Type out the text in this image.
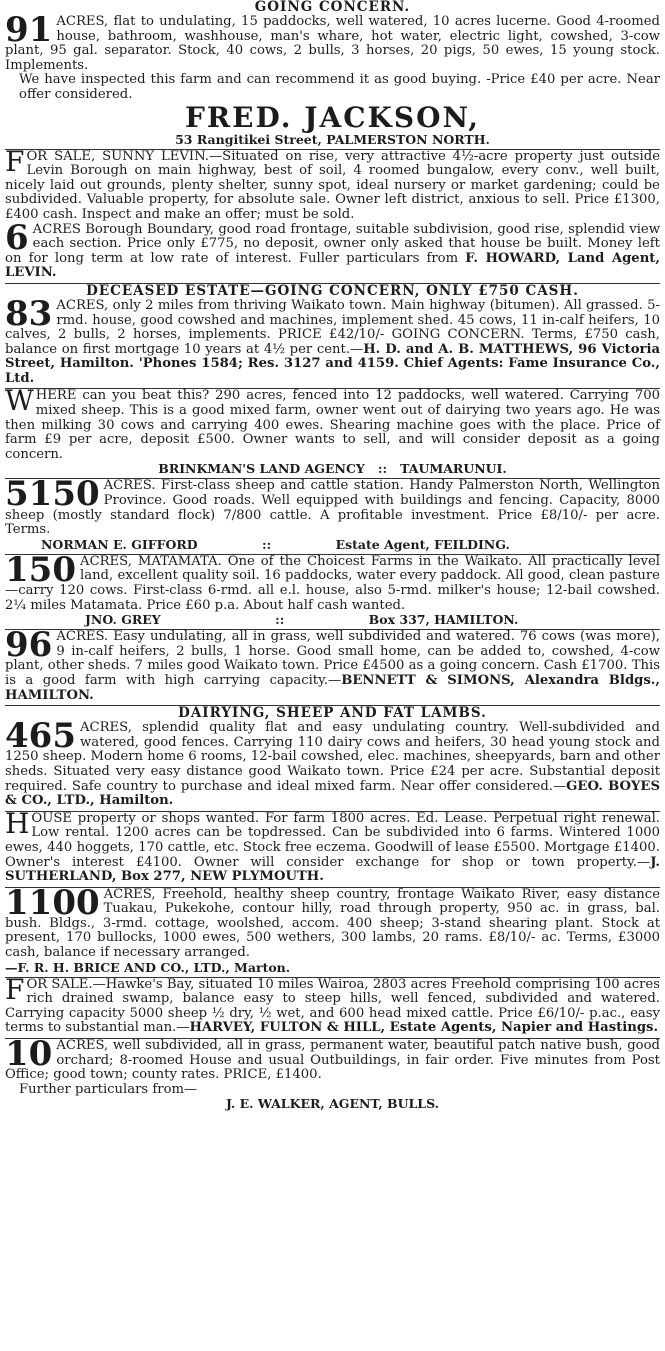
GOING CONCERN.

91 ACRES, flat to undulating, 15 paddocks, well watered, 10 acres lucerne. Good 4-roomed house, bathroom, washhouse, man's whare, hot water, electric light, cowshed, 3-cow plant, 95 gal. separator. Stock, 40 cows, 2 bulls, 3 horses, 20 pigs, 50 ewes, 15 young stock. Implements.

We have inspected this farm and can recommend it as good buying. -Price £40 per acre. Near offer considered.

FRED. JACKSON,

53 Rangitikei Street, PALMERSTON NORTH.

FOR SALE, SUNNY LEVIN.—Situated on rise, very attractive 4½-acre property just outside Levin Borough on main highway, best of soil, 4 roomed bungalow, every conv., well built, nicely laid out grounds, plenty shelter, sunny spot, ideal nursery or market gardening; could be subdivided. Valuable property, for absolute sale. Owner left district, anxious to sell. Price £1300, £400 cash. Inspect and make an offer; must be sold.

6 ACRES Borough Boundary, good road frontage, suitable subdivision, good rise, splendid view each section. Price only £775, no deposit, owner only asked that house be built. Money left on for long term at low rate of interest. Fuller particulars from F. HOWARD, Land Agent, LEVIN.

DECEASED ESTATE—GOING CONCERN, ONLY £750 CASH.

83 ACRES, only 2 miles from thriving Waikato town. Main highway (bitumen). All grassed. 5-rmd. house, good cowshed and machines, implement shed. 45 cows, 11 in-calf heifers, 10 calves, 2 bulls, 2 horses, implements. PRICE £42/10/- GOING CONCERN. Terms, £750 cash, balance on first mortgage 10 years at 4½ per cent.—H. D. and A. B. MATTHEWS, 96 Victoria Street, Hamilton. 'Phones 1584; Res. 3127 and 4159. Chief Agents: Fame Insurance Co., Ltd.

WHERE can you beat this? 290 acres, fenced into 12 paddocks, well watered. Carrying 700 mixed sheep. This is a good mixed farm, owner went out of dairying two years ago. He was then milking 30 cows and carrying 400 ewes. Shearing machine goes with the place. Price of farm £9 per acre, deposit £500. Owner wants to sell, and will consider deposit as a going concern.

BRINKMAN'S LAND AGENCY :: TAUMARUNUI.

5150 ACRES. First-class sheep and cattle station. Handy Palmerston North, Wellington Province. Good roads. Well equipped with buildings and fencing. Capacity, 8000 sheep (mostly standard flock) 7/800 cattle. A profitable investment. Price £8/10/- per acre. Terms.

NORMAN E. GIFFORD	::	Estate Agent, FEILDING.

150 ACRES, MATAMATA. One of the Choicest Farms in the Waikato. All practically level land, excellent quality soil. 16 paddocks, water every paddock. All good, clean pasture—carry 120 cows. First-class 6-rmd. all e.l. house, also 5-rmd. milker's house; 12-bail cowshed. 2¼ miles Matamata. Price £60 p.a. About half cash wanted.

JNO. GREY	::	Box 337, HAMILTON.

96 ACRES. Easy undulating, all in grass, well subdivided and watered. 76 cows (was more), 9 in-calf heifers, 2 bulls, 1 horse. Good small home, can be added to, cowshed, 4-cow plant, other sheds. 7 miles good Waikato town. Price £4500 as a going concern. Cash £1700. This is a good farm with high carrying capacity.—BENNETT & SIMONS, Alexandra Bldgs., HAMILTON.

DAIRYING, SHEEP AND FAT LAMBS.

465 ACRES, splendid quality flat and easy undulating country. Well-subdivided and watered, good fences. Carrying 110 dairy cows and heifers, 30 head young stock and 1250 sheep. Modern home 6 rooms, 12-bail cowshed, elec. machines, sheepyards, barn and other sheds. Situated very easy distance good Waikato town. Price £24 per acre. Substantial deposit required. Safe country to purchase and ideal mixed farm. Near offer considered.—GEO. BOYES & CO., LTD., Hamilton.

HOUSE property or shops wanted. For farm 1800 acres. Ed. Lease. Perpetual right renewal. Low rental. 1200 acres can be topdressed. Can be subdivided into 6 farms. Wintered 1000 ewes, 440 hoggets, 170 cattle, etc. Stock free eczema. Goodwill of lease £5500. Mortgage £1400. Owner's interest £4100. Owner will consider exchange for shop or town property.—J. SUTHERLAND, Box 277, NEW PLYMOUTH.

1100 ACRES, Freehold, healthy sheep country, frontage Waikato River, easy distance Tuakau, Pukekohe, contour hilly, road through property, 950 ac. in grass, bal. bush. Bldgs., 3-rmd. cottage, woolshed, accom. 400 sheep; 3-stand shearing plant. Stock at present, 170 bullocks, 1000 ewes, 500 wethers, 300 lambs, 20 rams. £8/10/- ac. Terms, £3000 cash, balance if necessary arranged.

—F. R. H. BRICE AND CO., LTD., Marton.

FOR SALE.—Hawke's Bay, situated 10 miles Wairoa, 2803 acres Freehold comprising 100 acres rich drained swamp, balance easy to steep hills, well fenced, subdivided and watered. Carrying capacity 5000 sheep ½ dry, ½ wet, and 600 head mixed cattle. Price £6/10/- p.ac., easy terms to substantial man.—HARVEY, FULTON & HILL, Estate Agents, Napier and Hastings.

10 ACRES, well subdivided, all in grass, permanent water, beautiful patch native bush, good orchard; 8-roomed House and usual Outbuildings, in fair order. Five minutes from Post Office; good town; county rates. PRICE, £1400.

Further particulars from—

J. E. WALKER, AGENT, BULLS.
